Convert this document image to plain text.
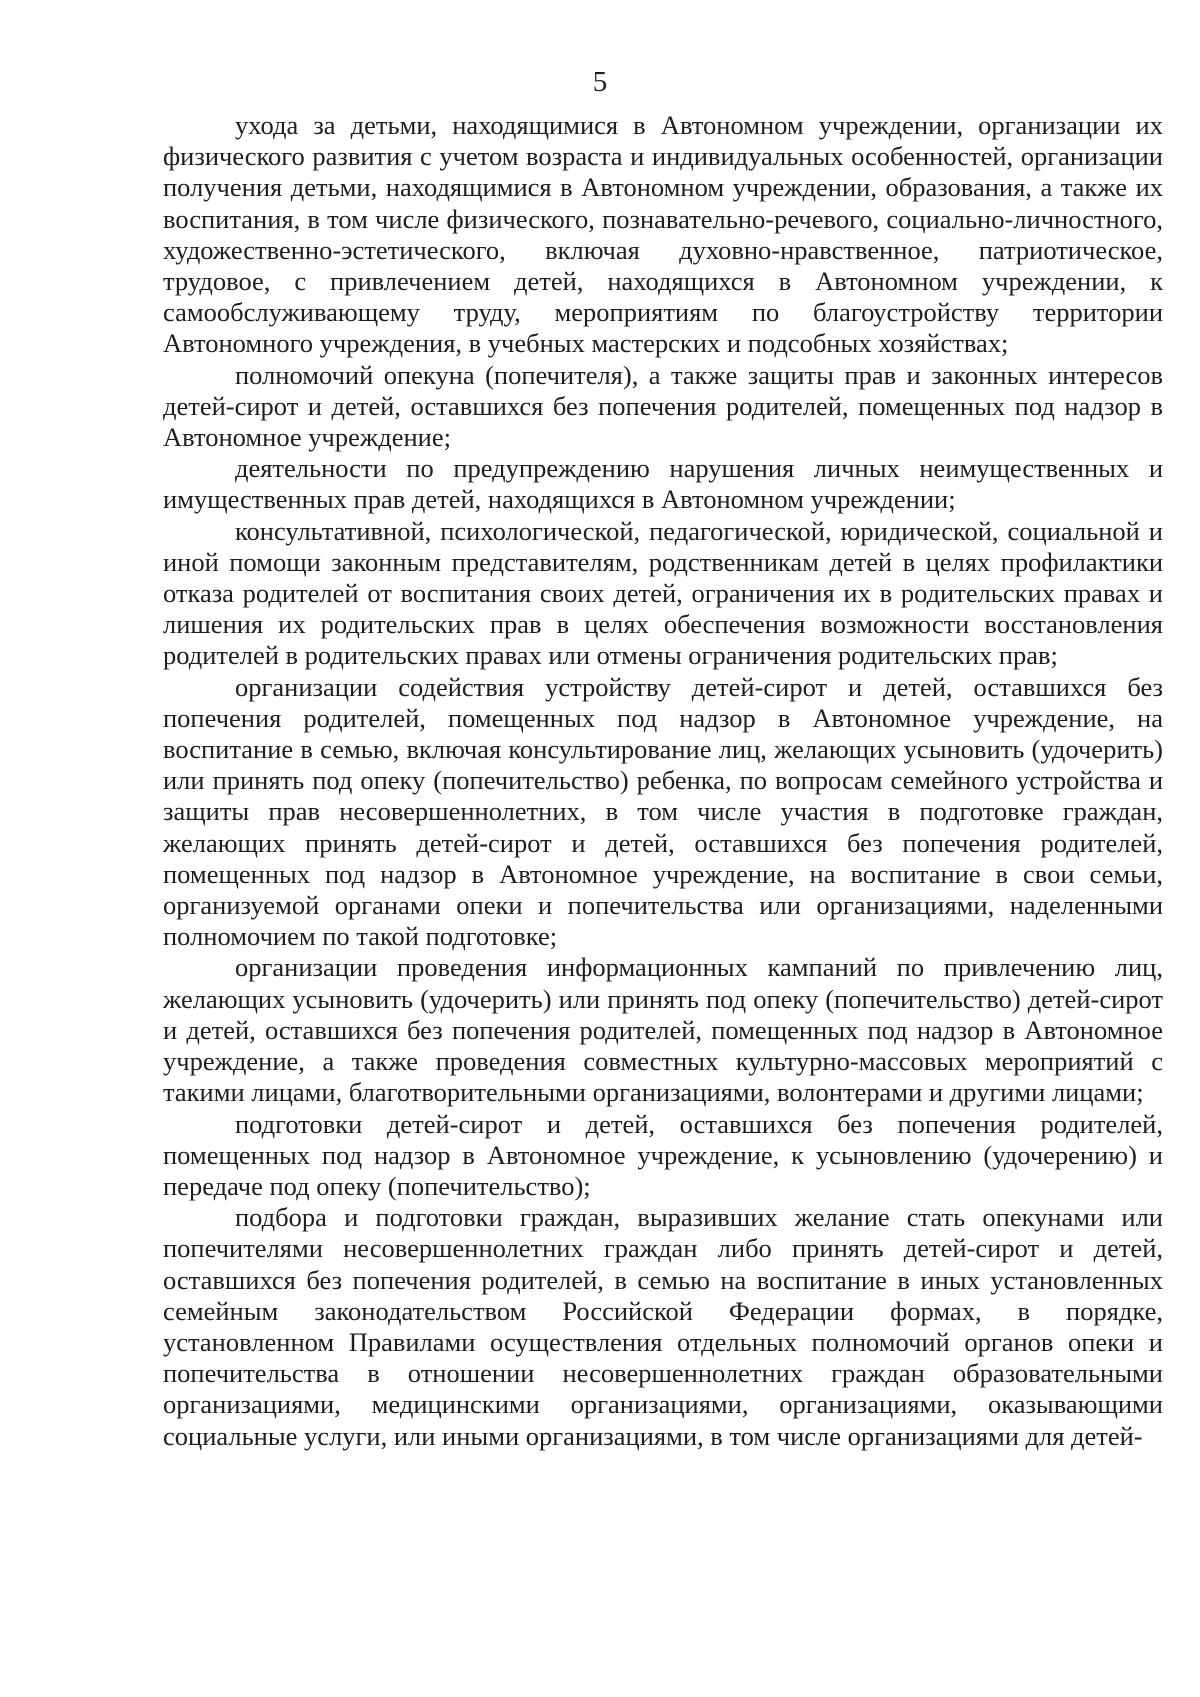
5

ухода за детьми, находящимися в Автономном учреждении, организации их физического развития с учетом возраста и индивидуальных особенностей, организации получения детьми, находящимися в Автономном учреждении, образования, а также их воспитания, в том числе физического, познавательно-речевого, социально-личностного, художественно-эстетического, включая духовно-нравственное, патриотическое, трудовое, с привлечением детей, находящихся в Автономном учреждении, к самообслуживающему труду, мероприятиям по благоустройству территории Автономного учреждения, в учебных мастерских и подсобных хозяйствах;

полномочий опекуна (попечителя), а также защиты прав и законных интересов детей-сирот и детей, оставшихся без попечения родителей, помещенных под надзор в Автономное учреждение;

деятельности по предупреждению нарушения личных неимущественных и имущественных прав детей, находящихся в Автономном учреждении;

консультативной, психологической, педагогической, юридической, социальной и иной помощи законным представителям, родственникам детей в целях профилактики отказа родителей от воспитания своих детей, ограничения их в родительских правах и лишения их родительских прав в целях обеспечения возможности восстановления родителей в родительских правах или отмены ограничения родительских прав;

организации содействия устройству детей-сирот и детей, оставшихся без попечения родителей, помещенных под надзор в Автономное учреждение, на воспитание в семью, включая консультирование лиц, желающих усыновить (удочерить) или принять под опеку (попечительство) ребенка, по вопросам семейного устройства и защиты прав несовершеннолетних, в том числе участия в подготовке граждан, желающих принять детей-сирот и детей, оставшихся без попечения родителей, помещенных под надзор в Автономное учреждение, на воспитание в свои семьи, организуемой органами опеки и попечительства или организациями, наделенными полномочием по такой подготовке;

организации проведения информационных кампаний по привлечению лиц, желающих усыновить (удочерить) или принять под опеку (попечительство) детей-сирот и детей, оставшихся без попечения родителей, помещенных под надзор в Автономное учреждение, а также проведения совместных культурно-массовых мероприятий с такими лицами, благотворительными организациями, волонтерами и другими лицами;

подготовки детей-сирот и детей, оставшихся без попечения родителей, помещенных под надзор в Автономное учреждение, к усыновлению (удочерению) и передаче под опеку (попечительство);

подбора и подготовки граждан, выразивших желание стать опекунами или попечителями несовершеннолетних граждан либо принять детей-сирот и детей, оставшихся без попечения родителей, в семью на воспитание в иных установленных семейным законодательством Российской Федерации формах, в порядке, установленном Правилами осуществления отдельных полномочий органов опеки и попечительства в отношении несовершеннолетних граждан образовательными организациями, медицинскими организациями, организациями, оказывающими социальные услуги, или иными организациями, в том числе организациями для детей-
